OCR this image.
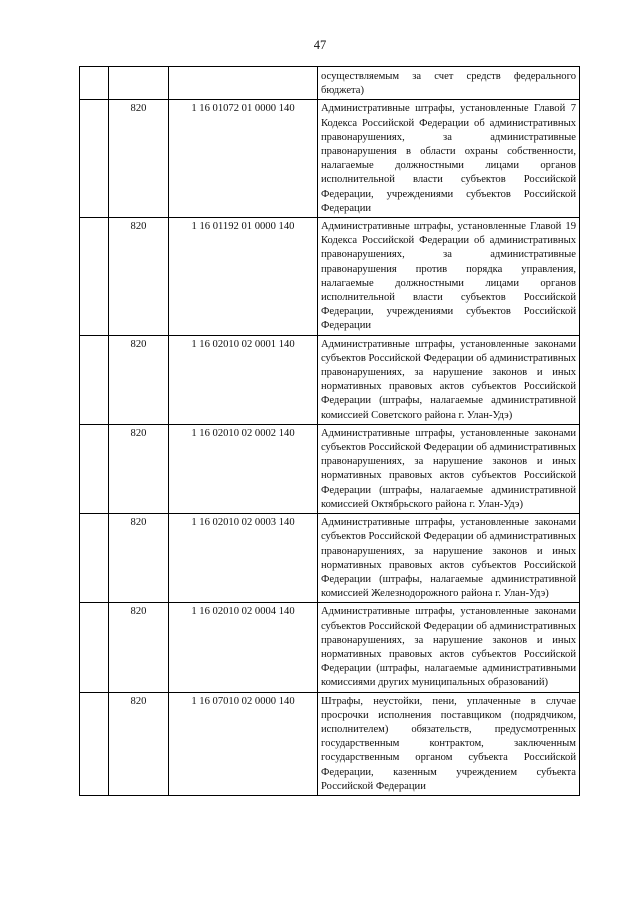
47
			осуществляемым за счет средств федерального бюджета)
	820	1 16 01072 01 0000 140	Административные штрафы, установленные Главой 7 Кодекса Российской Федерации об административных правонарушениях, за административные правонарушения в области охраны собственности, налагаемые должностными лицами органов исполнительной власти субъектов Российской Федерации, учреждениями субъектов Российской Федерации
	820	1 16 01192 01 0000 140	Административные штрафы, установленные Главой 19 Кодекса Российской Федерации об административных правонарушениях, за административные правонарушения против порядка управления, налагаемые должностными лицами органов исполнительной власти субъектов Российской Федерации, учреждениями субъектов Российской Федерации
	820	1 16 02010 02 0001 140	Административные штрафы, установленные законами субъектов Российской Федерации об административных правонарушениях, за нарушение законов и иных нормативных правовых актов субъектов Российской Федерации (штрафы, налагаемые административной комиссией Советского района г. Улан-Удэ)
	820	1 16 02010 02 0002 140	Административные штрафы, установленные законами субъектов Российской Федерации об административных правонарушениях, за нарушение законов и иных нормативных правовых актов субъектов Российской Федерации (штрафы, налагаемые административной комиссией Октябрьского района г. Улан-Удэ)
	820	1 16 02010 02 0003 140	Административные штрафы, установленные законами субъектов Российской Федерации об административных правонарушениях, за нарушение законов и иных нормативных правовых актов субъектов Российской Федерации (штрафы, налагаемые административной комиссией Железнодорожного района г. Улан-Удэ)
	820	1 16 02010 02 0004 140	Административные штрафы, установленные законами субъектов Российской Федерации об административных правонарушениях, за нарушение законов и иных нормативных правовых актов субъектов Российской Федерации (штрафы, налагаемые административными комиссиями других муниципальных образований)
	820	1 16 07010 02 0000 140	Штрафы, неустойки, пени, уплаченные в случае просрочки исполнения поставщиком (подрядчиком, исполнителем) обязательств, предусмотренных государственным контрактом, заключенным государственным органом субъекта Российской Федерации, казенным учреждением субъекта Российской Федерации
